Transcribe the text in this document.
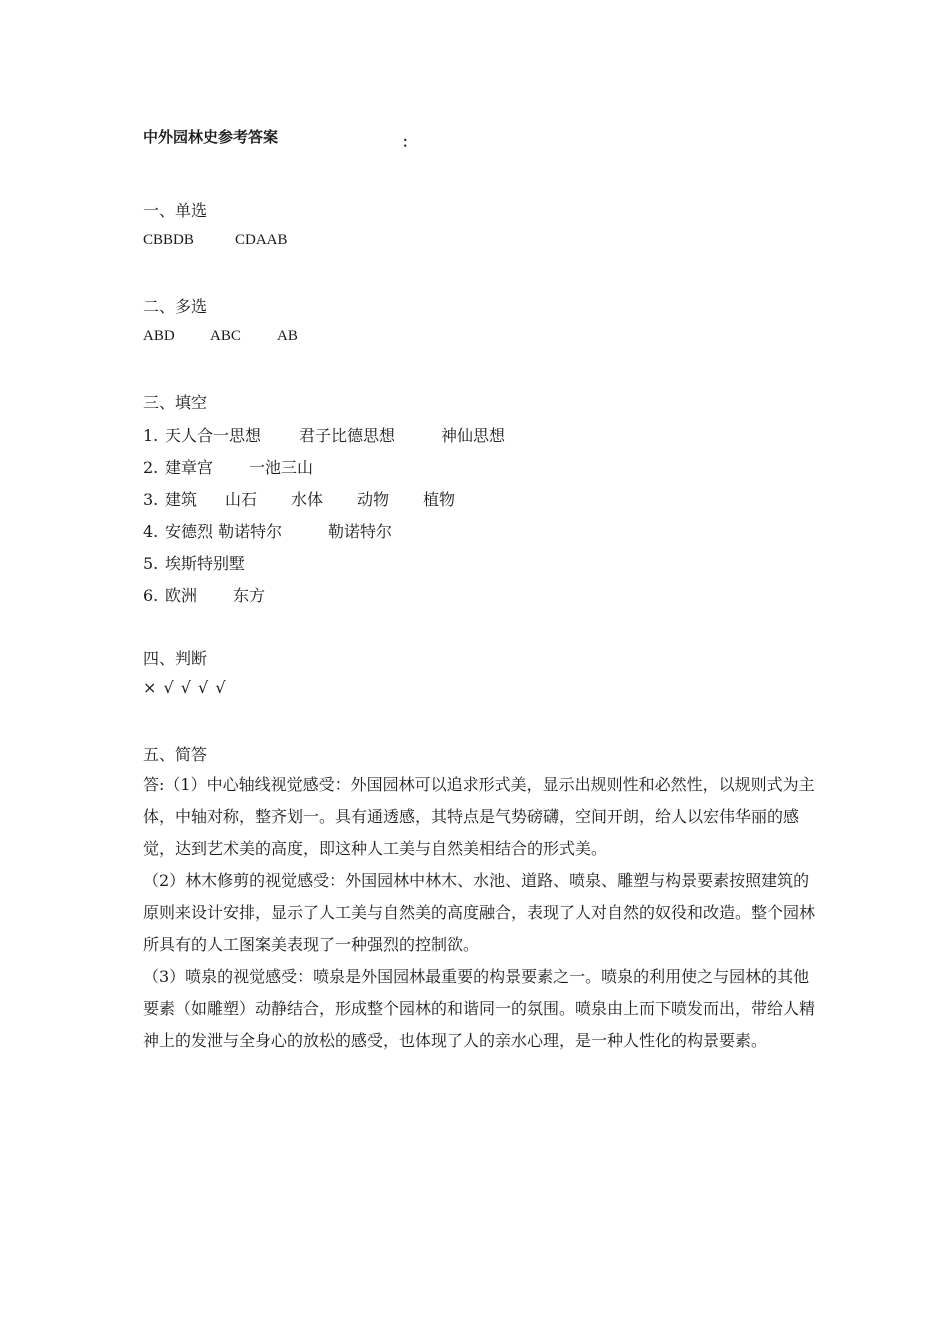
中外园林史参考答案	：
一、单选
CBBDB	CDAAB
二、多选
ABD ABC AB
三、填空
1. 天人合一思想 君子比德思想	神仙思想
2. 建章宫 一池三山
3. 建筑 山石 水体 动物 植物
4. 安德烈 勒诺特尔	勒诺特尔
5. 埃斯特别墅
6. 欧洲 东方
四、判断
× √ √ √ √
五、简答

答:（1）中心轴线视觉感受：外国园林可以追求形式美，显示出规则性和必然性，以规则式为主体，中轴对称，整齐划一。具有通透感，其特点是气势磅礴，空间开朗，给人以宏伟华丽的感觉，达到艺术美的高度，即这种人工美与自然美相结合的形式美。

（2）林木修剪的视觉感受：外国园林中林木、水池、道路、喷泉、雕塑与构景要素按照建筑的原则来设计安排，显示了人工美与自然美的高度融合，表现了人对自然的奴役和改造。整个园林所具有的人工图案美表现了一种强烈的控制欲。

（3）喷泉的视觉感受：喷泉是外国园林最重要的构景要素之一。喷泉的利用使之与园林的其他要素（如雕塑）动静结合，形成整个园林的和谐同一的氛围。喷泉由上而下喷发而出，带给人精神上的发泄与全身心的放松的感受，也体现了人的亲水心理，是一种人性化的构景要素。
